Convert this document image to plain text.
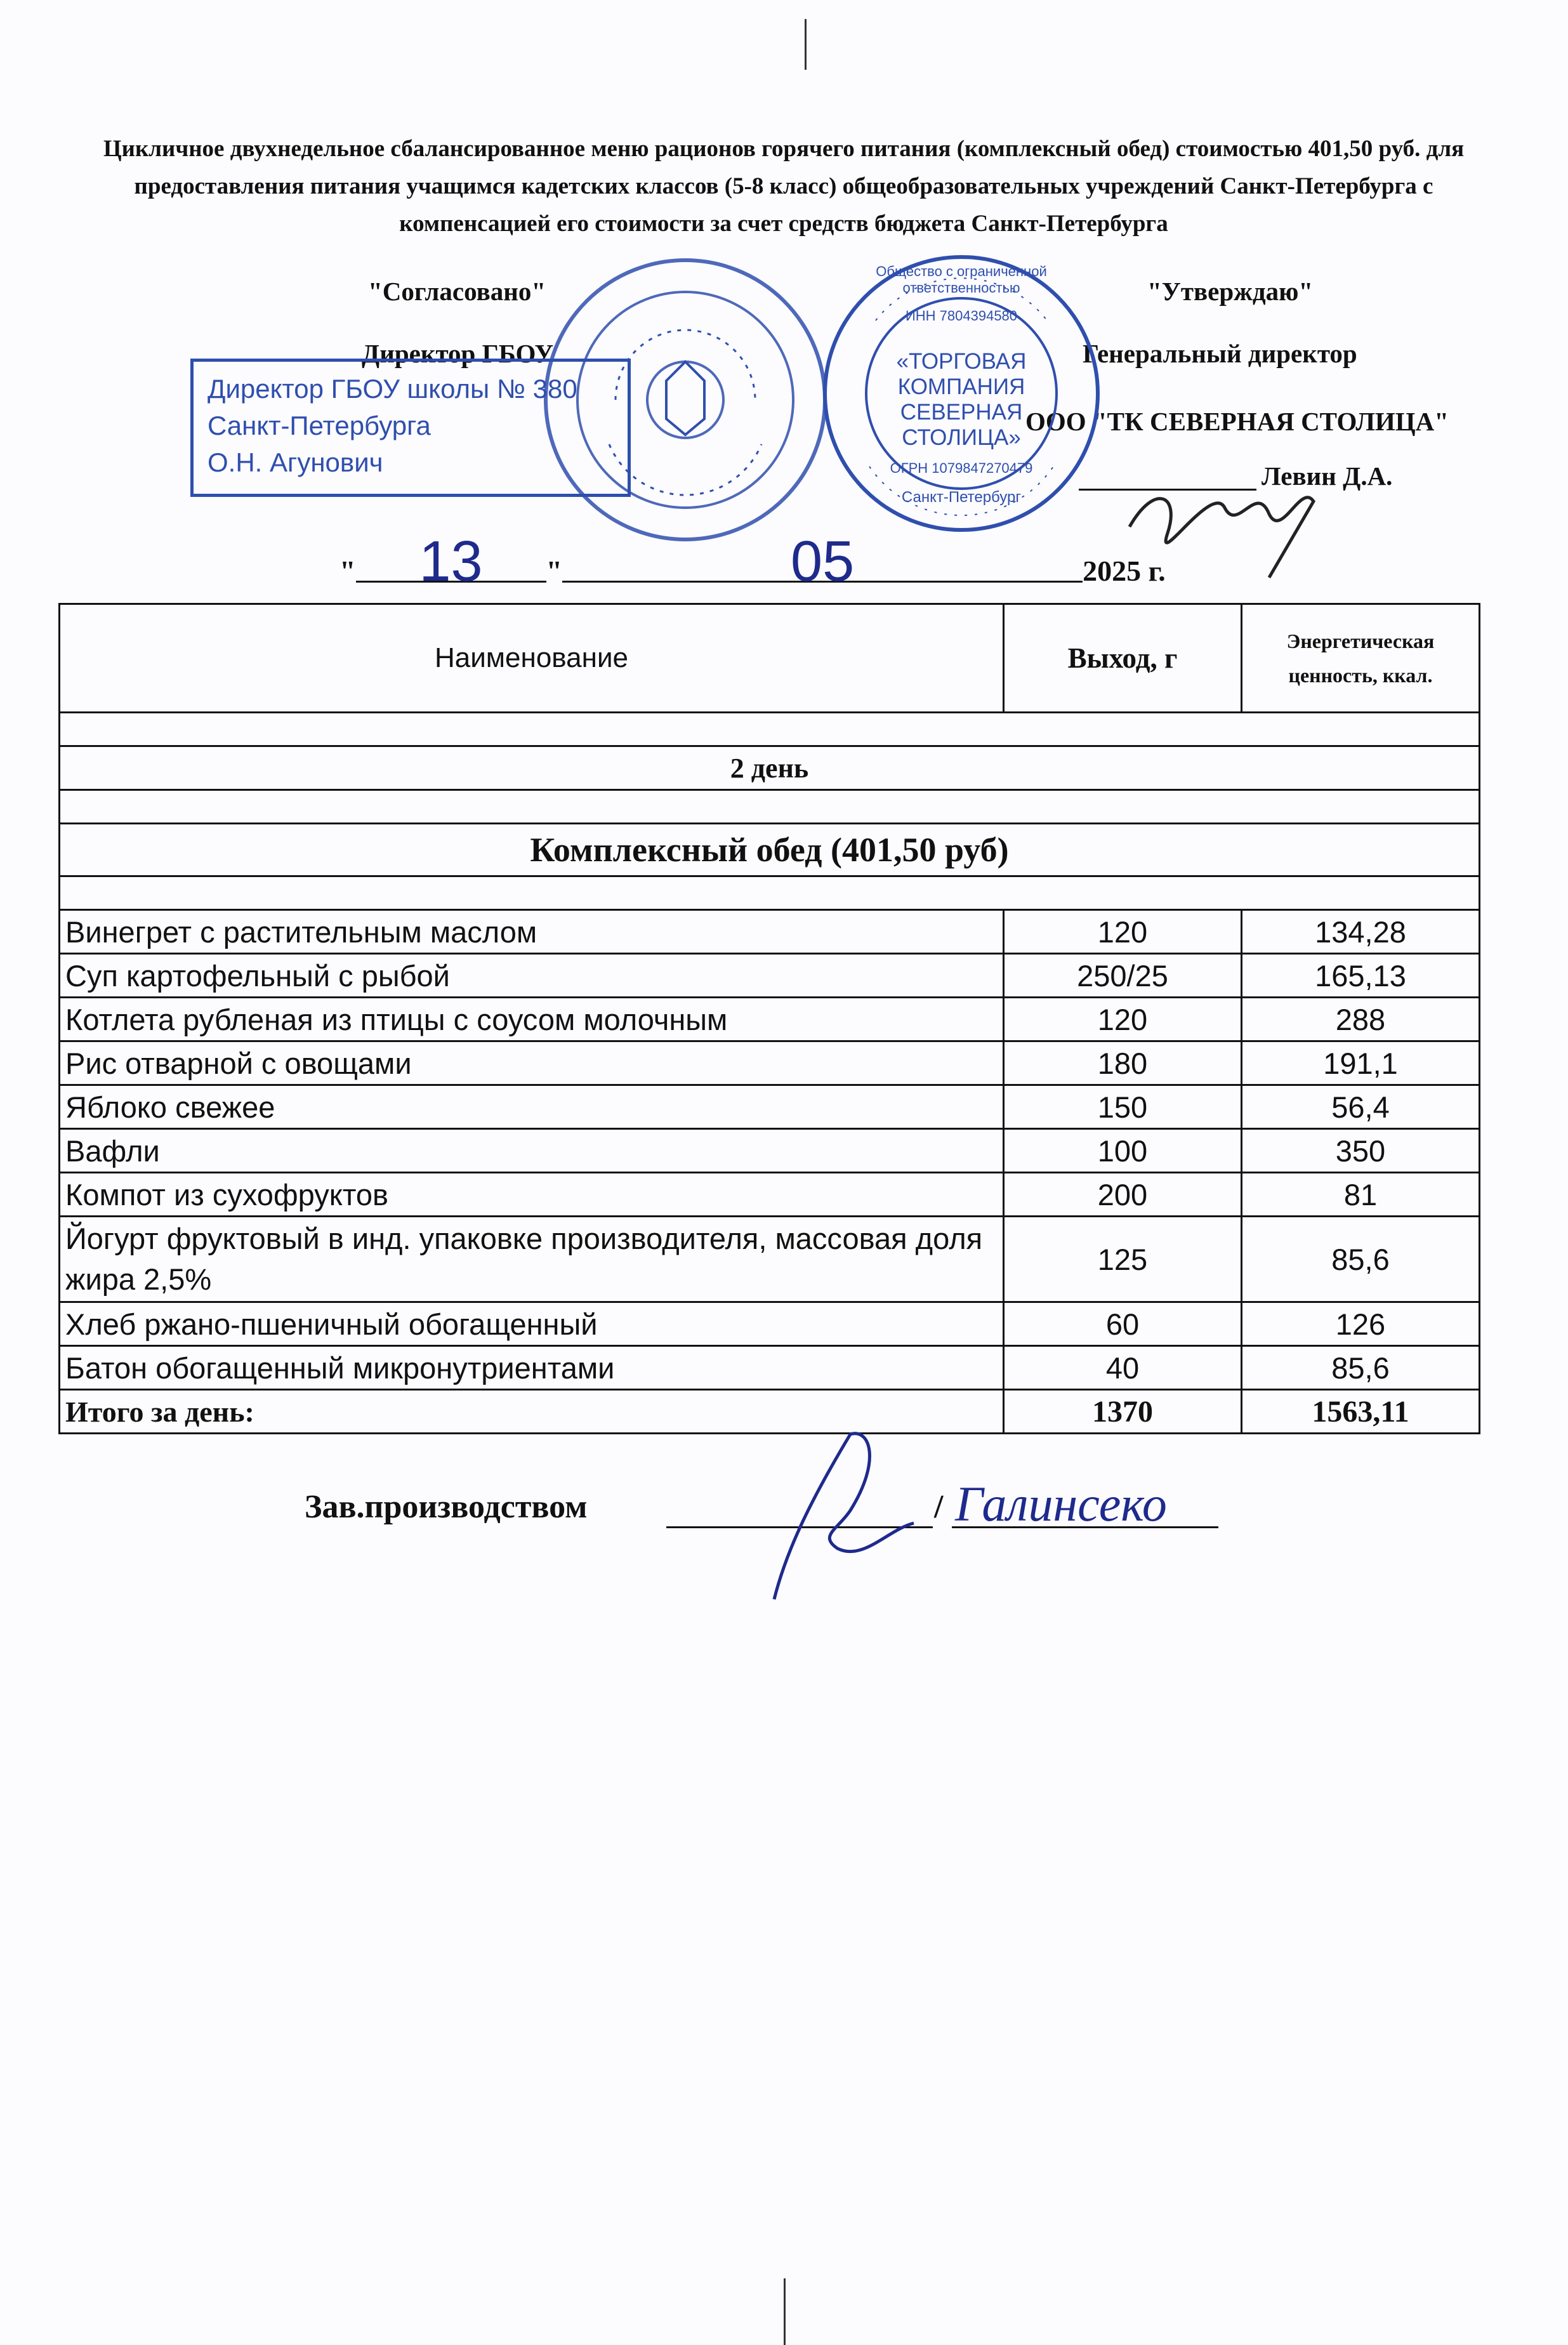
Цикличное двухнедельное сбалансированное меню рационов горячего питания (комплексный обед) стоимостью 401,50 руб. для предоставления питания учащимся кадетских классов (5-8 класс) общеобразовательных учреждений Санкт-Петербурга с компенсацией его стоимости за счет средств бюджета Санкт-Петербурга
"Согласовано"
Директор ГБОУ
"Утверждаю"
Генеральный директор
ООО "ТК СЕВЕРНАЯ СТОЛИЦА"
Левин Д.А.
Директор ГБОУ школы № 380
Санкт-Петербурга
О.Н. Агунович
«ТОРГОВАЯ КОМПАНИЯ СЕВЕРНАЯ СТОЛИЦА»
ИНН 7804394580
ОГРН 1079847270479
Санкт-Петербург
Общество с ограниченной ответственностью
" 13 "	05	2025 г.
Наименование	Выход, г	Энергетическая ценность, ккал.

2 день		

Комплексный обед (401,50 руб)		

Винегрет с растительным маслом	120	134,28
Суп картофельный с рыбой	250/25	165,13
Котлета рубленая из птицы с соусом молочным	120	288
Рис отварной с овощами	180	191,1
Яблоко свежее	150	56,4
Вафли	100	350
Компот из сухофруктов	200	81
Йогурт фруктовый в инд. упаковке производителя, массовая доля жира 2,5%	125	85,6
Хлеб ржано-пшеничный обогащенный	60	126
Батон обогащенный микронутриентами	40	85,6
Итого за день:	1370	1563,11
Зав.производством	/ Галинсеко
